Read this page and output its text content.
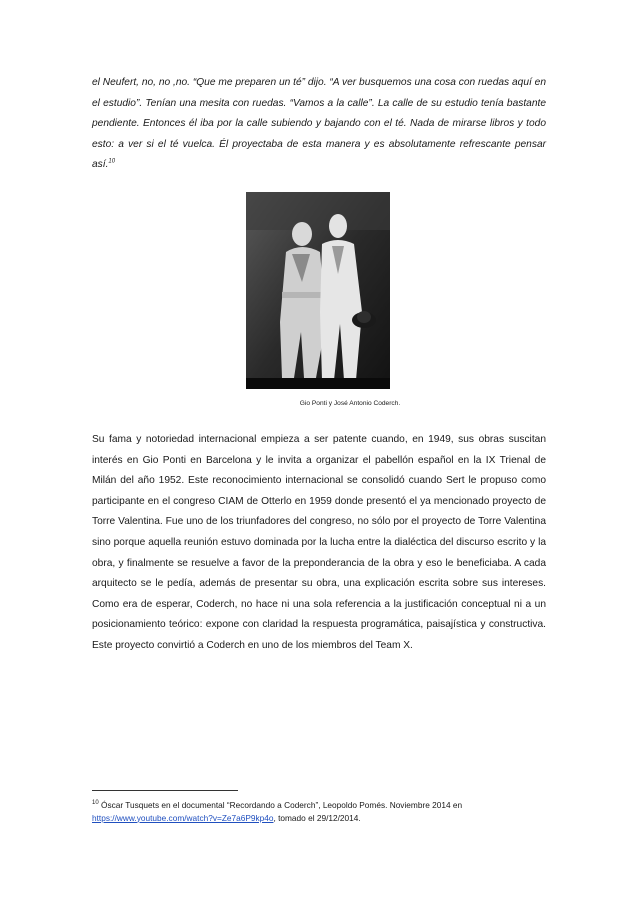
el Neufert, no, no ,no. “Que me preparen un té” dijo. “A ver busquemos una cosa con ruedas aquí en el estudio”. Tenían una mesita con ruedas. “Vamos a la calle”. La calle de su estudio tenía bastante pendiente. Entonces él iba por la calle subiendo y bajando con el té. Nada de mirarse libros y todo esto: a ver si el té vuelca. Él proyectaba de esta manera y es absolutamente refrescante pensar así.$^{10}$

Gio Ponti y José Antonio Coderch.

Su fama y notoriedad internacional empieza a ser patente cuando, en 1949, sus obras suscitan interés en Gio Ponti en Barcelona y le invita a organizar el pabellón español en la IX Trienal de Milán del año 1952. Este reconocimiento internacional se consolidó cuando Sert le propuso como participante en el congreso CIAM de Otterlo en 1959 donde presentó el ya mencionado proyecto de Torre Valentina. Fue uno de los triunfadores del congreso, no sólo por el proyecto de Torre Valentina sino porque aquella reunión estuvo dominada por la lucha entre la dialéctica del discurso escrito y la obra, y finalmente se resuelve a favor de la preponderancia de la obra y eso le beneficiaba. A cada arquitecto se le pedía, además de presentar su obra, una explicación escrita sobre sus intereses. Como era de esperar, Coderch, no hace ni una sola referencia a la justificación conceptual ni a un posicionamiento teórico: expone con claridad la respuesta programática, paisajística y constructiva. Este proyecto convirtió a Coderch en uno de los miembros del Team X.

$^{10}$ Óscar Tusquets en el documental “Recordando a Coderch”, Leopoldo Pomés. Noviembre 2014 en
https://www.youtube.com/watch?v=Ze7a6P9kp4o, tomado el 29/12/2014.
